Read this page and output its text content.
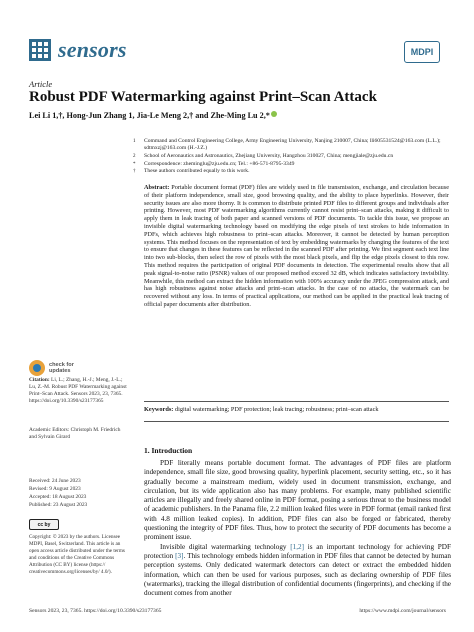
sensors	MDPI
Article
Robust PDF Watermarking against Print–Scan Attack
Lei Li 1,†, Hong-Jun Zhang 1, Jia-Le Meng 2,† and Zhe-Ming Lu 2,*
1 Command and Control Engineering College, Army Engineering University, Nanjing 210007, China; lli605531524@163.com (L.L.); sdtmxzj@163.com (H.-J.Z.)
2 School of Aeronautics and Astronautics, Zhejiang University, Hangzhou 310027, China; mengjiale@zju.edu.cn
* Correspondence: zheminglu@zju.edu.cn; Tel.: +86-571-8795-3349
† These authors contributed equally to this work.
Abstract: Portable document format (PDF) files are widely used in file transmission, exchange, and circulation because of their platform independence, small size, good browsing quality, and the ability to place hyperlinks. However, their security issues are also more thorny. It is common to distribute printed PDF files to different groups and individuals after printing. However, most PDF watermarking algorithms currently cannot resist print–scan attacks, making it difficult to apply them in leak tracing of both paper and scanned versions of PDF documents. To tackle this issue, we propose an invisible digital watermarking technology based on modifying the edge pixels of text strokes to hide information in PDFs, which achieves high robustness to print–scan attacks. Moreover, it cannot be detected by human perception systems. This method focuses on the representation of text by embedding watermarks by changing the features of the text to ensure that changes in these features can be reflected in the scanned PDF after printing. We first segment each text line into two sub-blocks, then select the row of pixels with the most black pixels, and flip the edge pixels closest to this row. This method requires the participation of original PDF documents in detection. The experimental results show that all peak signal-to-noise ratio (PSNR) values of our proposed method exceed 32 dB, which indicates satisfactory invisibility. Meanwhile, this method can extract the hidden information with 100% accuracy under the JPEG compression attack, and has high robustness against noise attacks and print–scan attacks. In the case of no attacks, the watermark can be recovered without any loss. In terms of practical applications, our method can be applied in the practical leak tracing of official paper documents after distribution.
Keywords: digital watermarking; PDF protection; leak tracing; robustness; print–scan attack
check for
updates
Citation: Li, L.; Zhang, H.-J.; Meng, J.-L.; Lu, Z.-M. Robust PDF Watermarking against Print–Scan Attack. Sensors 2023, 23, 7365. https://doi.org/10.3390/s23177365
Academic Editors: Christoph M. Friedrich and Sylvain Girard
Received: 24 June 2023
Revised: 9 August 2023
Accepted: 18 August 2023
Published: 23 August 2023
cc by
Copyright: © 2023 by the authors. Licensee MDPI, Basel, Switzerland. This article is an open access article distributed under the terms and conditions of the Creative Commons Attribution (CC BY) license (https:// creativecommons.org/licenses/by/ 4.0/).
1. Introduction

PDF literally means portable document format. The advantages of PDF files are platform independence, small file size, good browsing quality, hyperlink placement, security setting, etc., so it has gradually become a mainstream medium, widely used in document transmission, exchange, and circulation, but its wide application also has many problems. For example, many published scientific articles are illegally and freely shared online in PDF format, posing a serious threat to the business model of academic publishers. In the Panama file, 2.2 million leaked files were in PDF format (email ranked first with 4.8 million leaked copies). In addition, PDF files can also be forged or fabricated, thereby questioning the integrity of PDF files. Thus, how to protect the security of PDF documents has become a prominent issue.

Invisible digital watermarking technology [1,2] is an important technology for achieving PDF protection [3]. This technology embeds hidden information in PDF files that cannot be detected by human perception systems. Only dedicated watermark detectors can detect or extract the embedded hidden information, which can then be used for various purposes, such as declaring ownership of PDF files (watermarks), tracking the illegal distribution of confidential documents (fingerprints), and checking if the document comes from another

Sensors 2023, 23, 7365. https://doi.org/10.3390/s23177365	https://www.mdpi.com/journal/sensors
